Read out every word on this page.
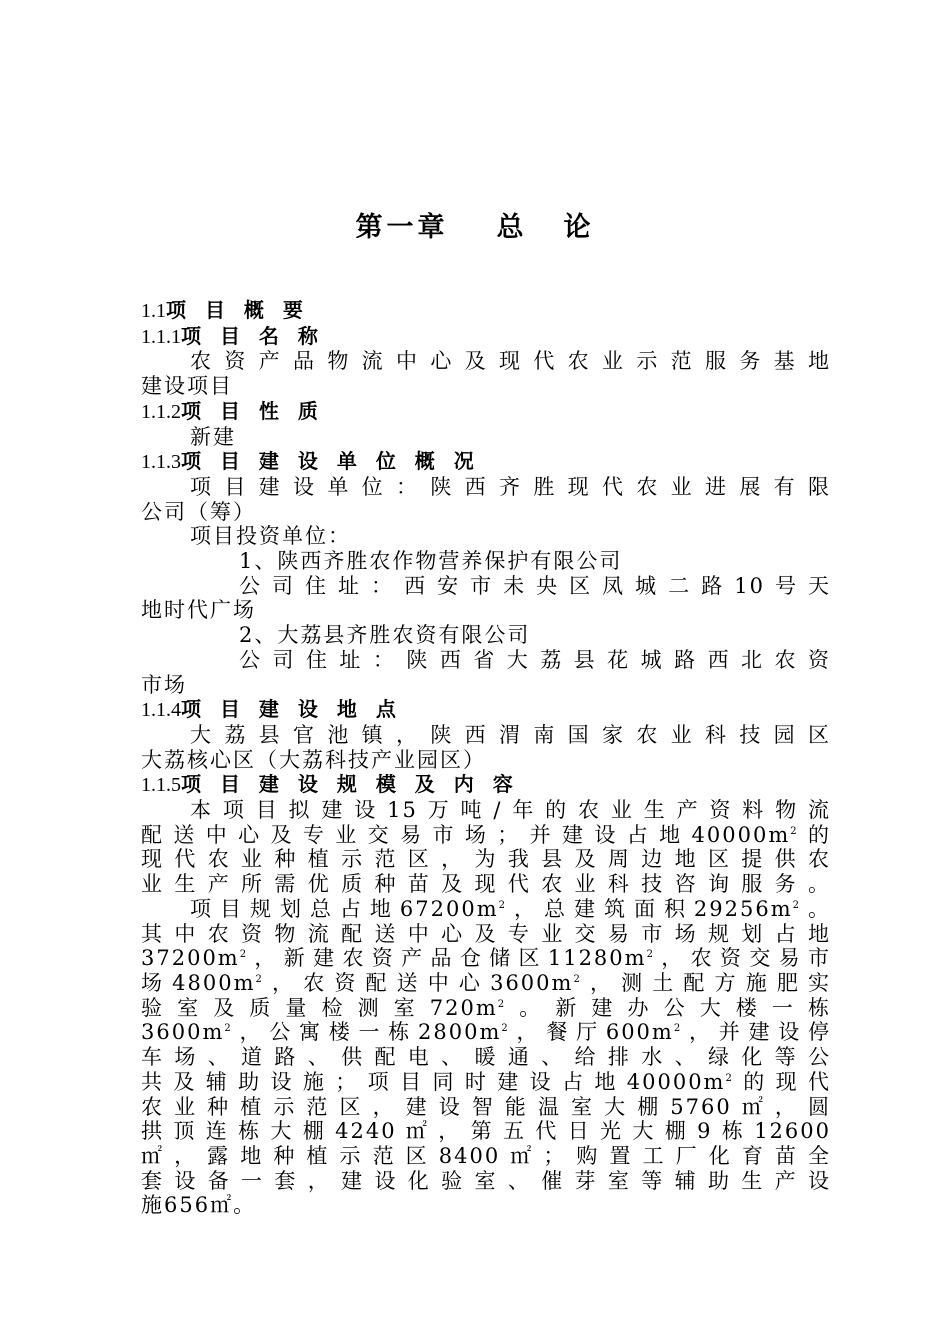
第一章 总 论
1.1项 目 概 要
1.1.1项 目 名 称
农资产品物流中心及现代农业示范服务基地
建设项目
1.1.2项 目 性 质
新建
1.1.3项 目 建 设 单 位 概 况
项目建设单位：陕西齐胜现代农业进展有限
公司（筹）
项目投资单位：
1、陕西齐胜农作物营养保护有限公司
公司住址：西安市未央区凤城二路10号天
地时代广场
2、大荔县齐胜农资有限公司
公司住址：陕西省大荔县花城路西北农资
市场
1.1.4项 目 建 设 地 点
大荔县官池镇，陕西渭南国家农业科技园区
大荔核心区（大荔科技产业园区）
1.1.5项 目 建 设 规 模 及 内 容
本项目拟建设15万吨/年的农业生产资料物流
配送中心及专业交易市场；并建设占地$40000m^2$的
现代农业种植示范区，为我县及周边地区提供农
业生产所需优质种苗及现代农业科技咨询服务。
项目规划总占地$67200m^2$，总建筑面积$29256m^2$。
其中农资物流配送中心及专业交易市场规划占地
$37200m^2$，新建农资产品仓储区$11280m^2$，农资交易市
场$4800m^2$，农资配送中心$3600m^2$，测土配方施肥实
验室及质量检测室$720m^2$。新建办公大楼一栋
$3600m^2$，公寓楼一栋$2800m^2$，餐厅$600m^2$，并建设停
车场、道路、供配电、暖通、给排水、绿化等公
共及辅助设施；项目同时建设占地$40000m^2$的现代
农业种植示范区，建设智能温室大棚5760㎡，圆
拱顶连栋大棚4240㎡，第五代日光大棚9栋12600
㎡，露地种植示范区8400㎡；购置工厂化育苗全
套设备一套，建设化验室、催芽室等辅助生产设
施656㎡。
